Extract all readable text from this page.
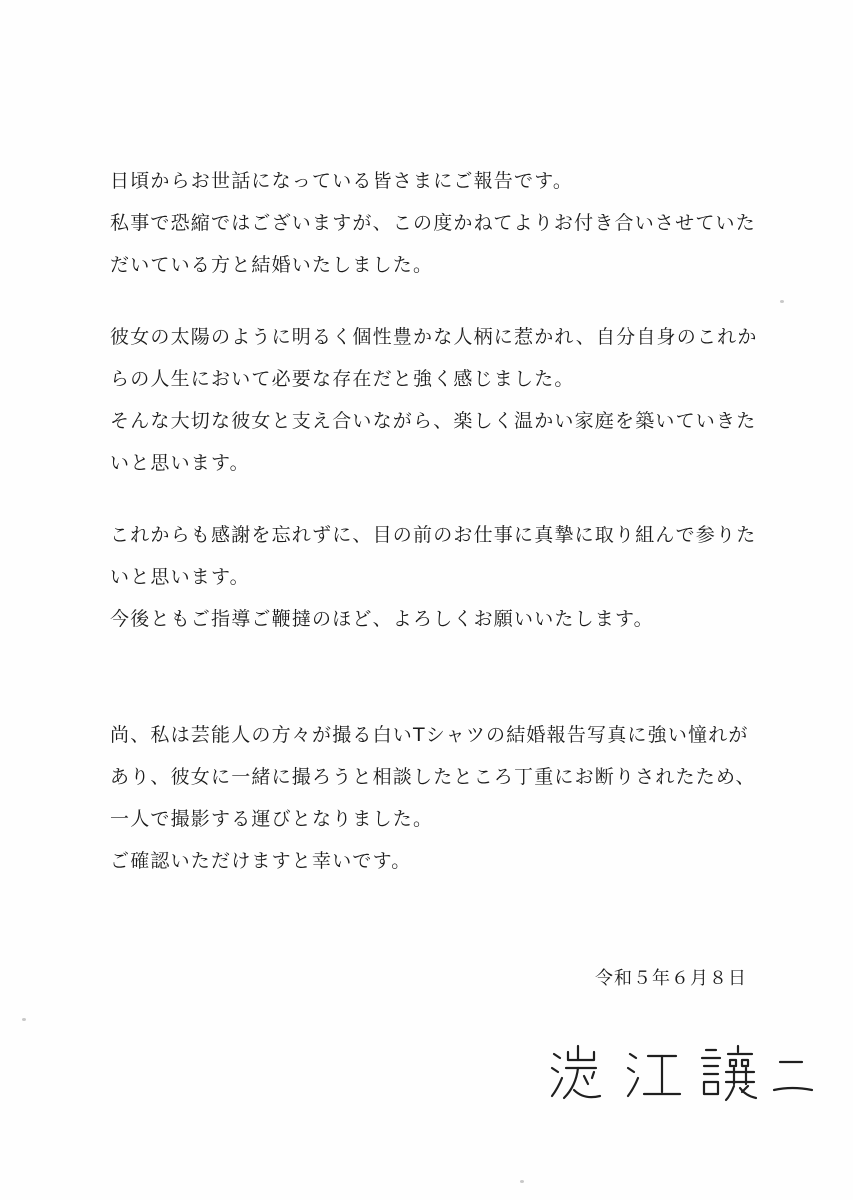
日頃からお世話になっている皆さまにご報告です。
私事で恐縮ではございますが、この度かねてよりお付き合いさせていた
だいている方と結婚いたしました。

彼女の太陽のように明るく個性豊かな人柄に惹かれ、自分自身のこれか
らの人生において必要な存在だと強く感じました。
そんな大切な彼女と支え合いながら、楽しく温かい家庭を築いていきた
いと思います。

これからも感謝を忘れずに、目の前のお仕事に真摯に取り組んで参りた
いと思います。
今後ともご指導ご鞭撻のほど、よろしくお願いいたします。

尚、私は芸能人の方々が撮る白いTシャツの結婚報告写真に強い憧れが
あり、彼女に一緒に撮ろうと相談したところ丁重にお断りされたため、
一人で撮影する運びとなりました。
ご確認いただけますと幸いです。

令和５年６月８日
